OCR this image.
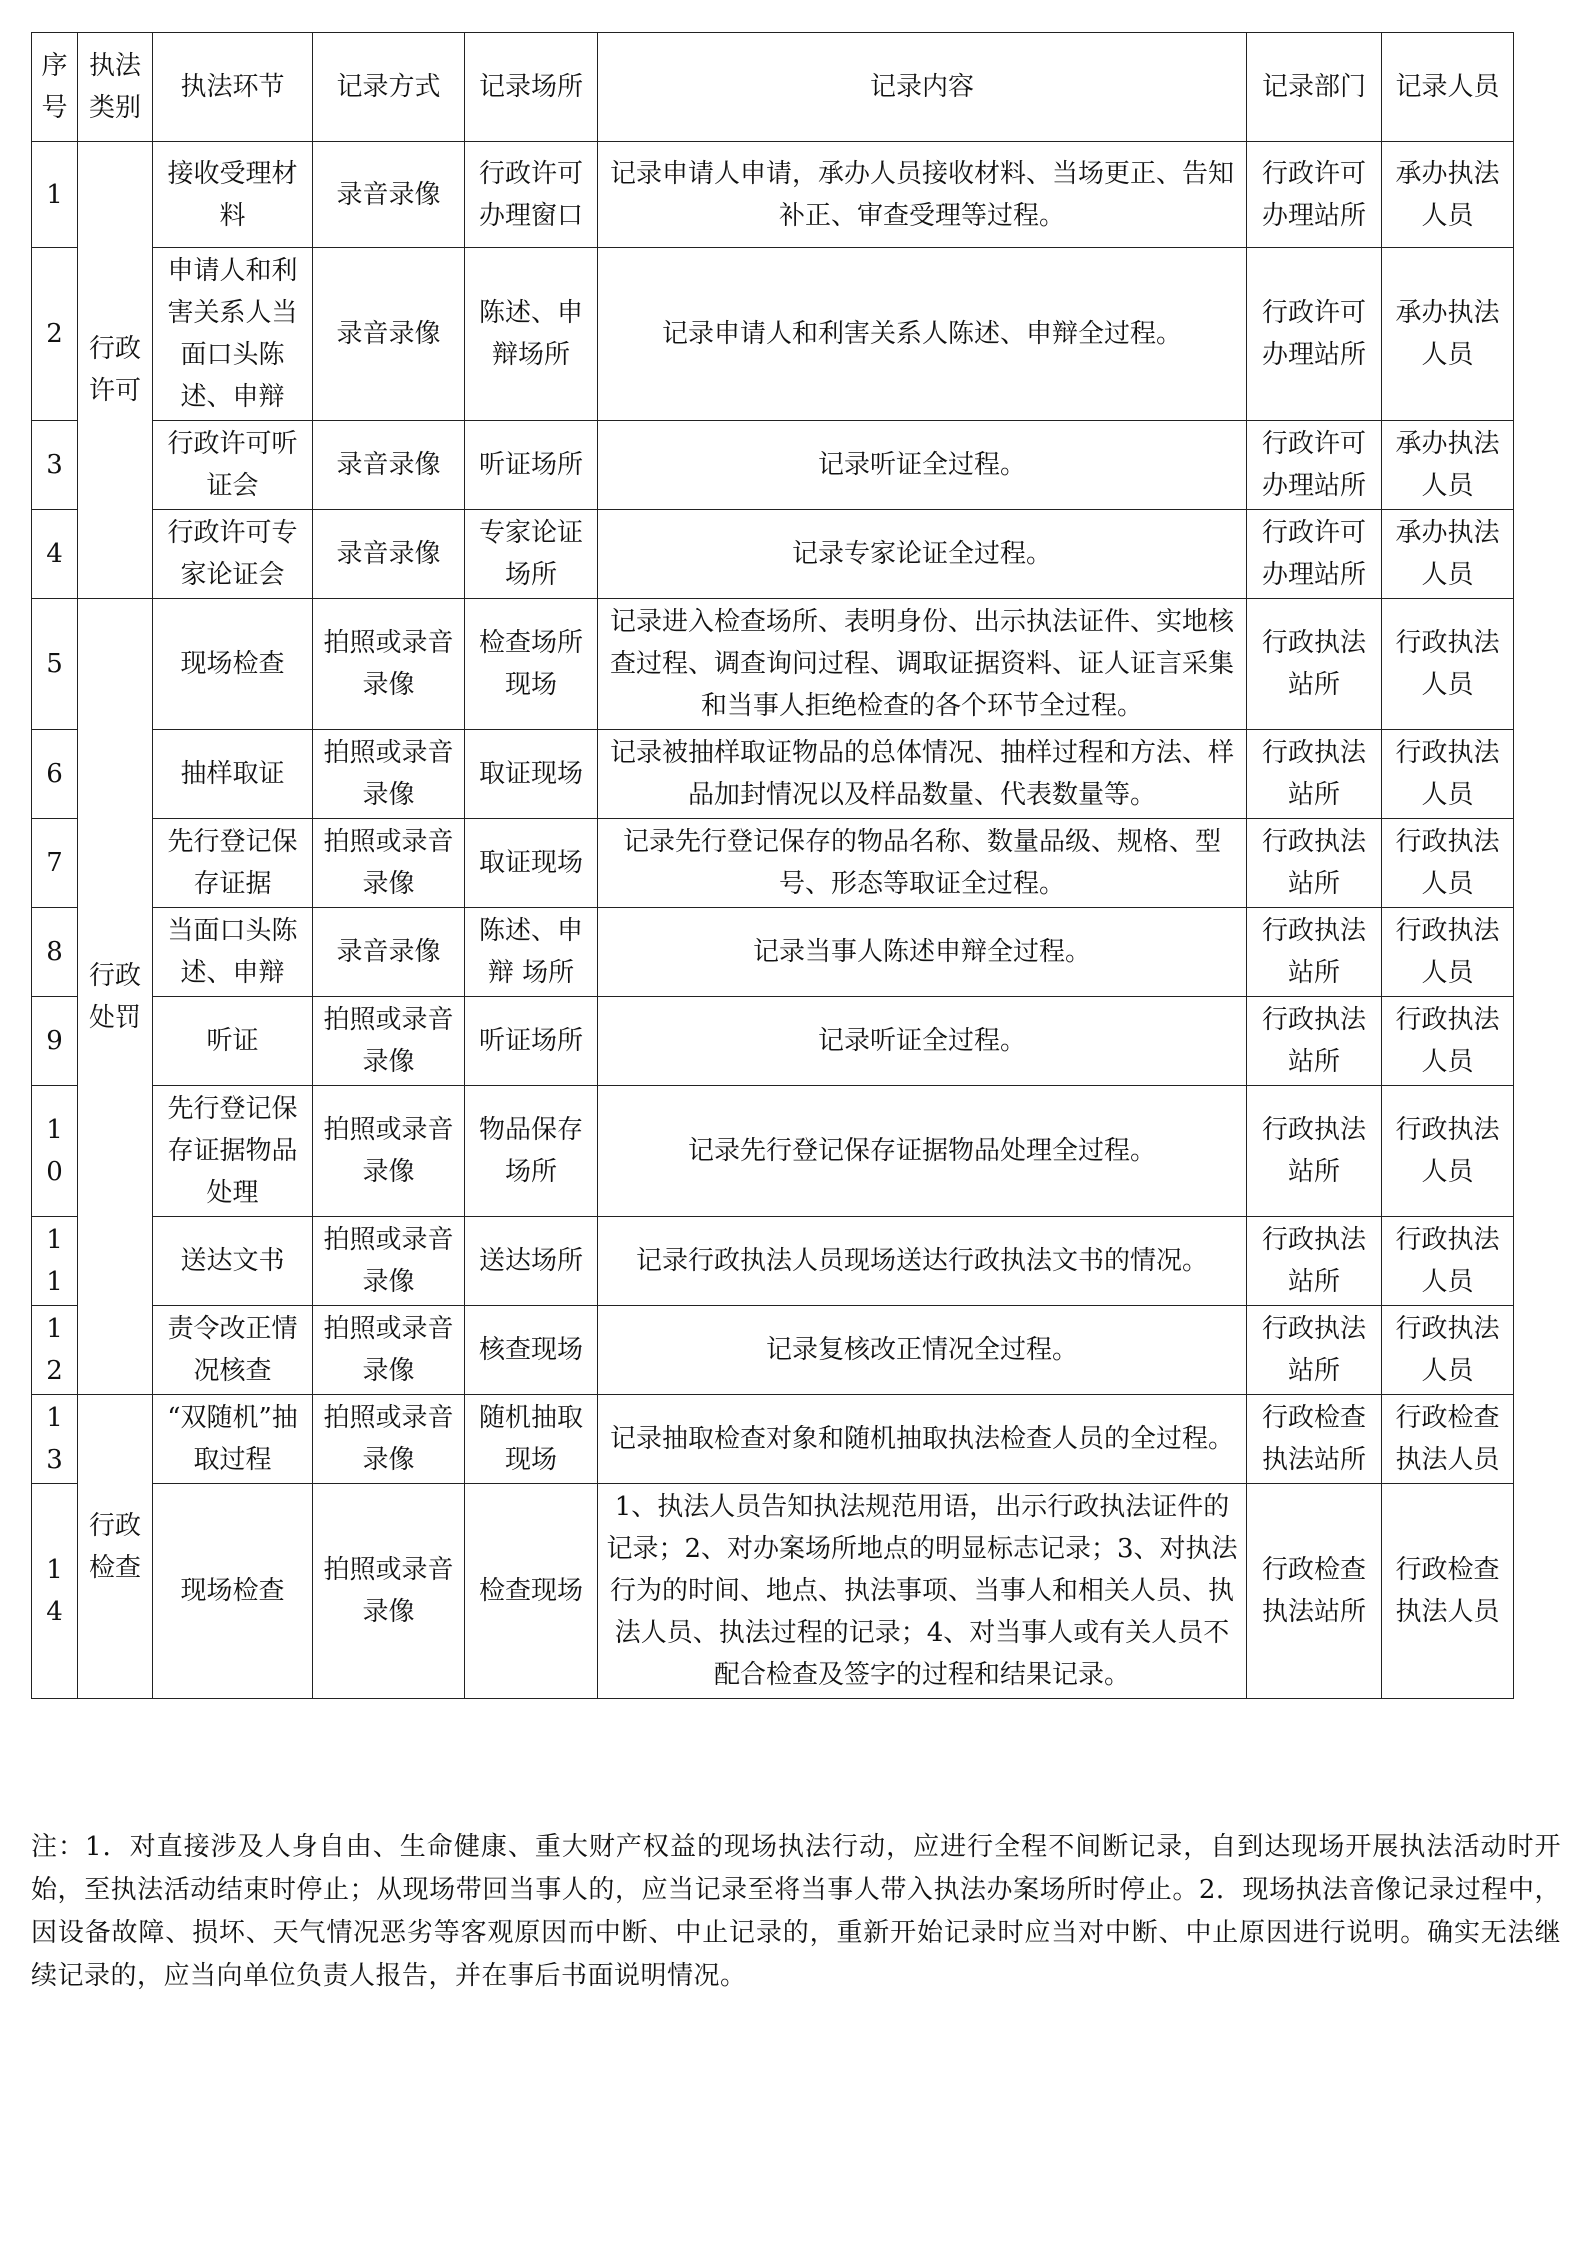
序号	执法类别	执法环节	记录方式	记录场所	记录内容	记录部门	记录人员
1	行政许可	接收受理材料	录音录像	行政许可办理窗口	记录申请人申请，承办人员接收材料、当场更正、告知补正、审查受理等过程。	行政许可办理站所	承办执法人员
2		申请人和利害关系人当面口头陈述、申辩	录音录像	陈述、申辩场所	记录申请人和利害关系人陈述、申辩全过程。	行政许可办理站所	承办执法人员
3		行政许可听证会	录音录像	听证场所	记录听证全过程。	行政许可办理站所	承办执法人员
4		行政许可专家论证会	录音录像	专家论证场所	记录专家论证全过程。	行政许可办理站所	承办执法人员
5	行政处罚	现场检查	拍照或录音录像	检查场所现场	记录进入检查场所、表明身份、出示执法证件、实地核查过程、调查询问过程、调取证据资料、证人证言采集和当事人拒绝检查的各个环节全过程。	行政执法站所	行政执法人员
6		抽样取证	拍照或录音录像	取证现场	记录被抽样取证物品的总体情况、抽样过程和方法、样品加封情况以及样品数量、代表数量等。	行政执法站所	行政执法人员
7		先行登记保存证据	拍照或录音录像	取证现场	记录先行登记保存的物品名称、数量品级、规格、型号、形态等取证全过程。	行政执法站所	行政执法人员
8		当面口头陈述、申辩	录音录像	陈述、申辩 场所	记录当事人陈述申辩全过程。	行政执法站所	行政执法人员
9		听证	拍照或录音录像	听证场所	记录听证全过程。	行政执法站所	行政执法人员
10		先行登记保存证据物品处理	拍照或录音录像	物品保存场所	记录先行登记保存证据物品处理全过程。	行政执法站所	行政执法人员
11		送达文书	拍照或录音录像	送达场所	记录行政执法人员现场送达行政执法文书的情况。	行政执法站所	行政执法人员
12		责令改正情况核查	拍照或录音录像	核查现场	记录复核改正情况全过程。	行政执法站所	行政执法人员
13	行政检查	“双随机”抽取过程	拍照或录音录像	随机抽取现场	记录抽取检查对象和随机抽取执法检查人员的全过程。	行政检查执法站所	行政检查执法人员
14		现场检查	拍照或录音录像	检查现场	1、执法人员告知执法规范用语，出示行政执法证件的记录；2、对办案场所地点的明显标志记录；3、对执法行为的时间、地点、执法事项、当事人和相关人员、执法人员、执法过程的记录；4、对当事人或有关人员不配合检查及签字的过程和结果记录。	行政检查执法站所	行政检查执法人员
注：1．对直接涉及人身自由、生命健康、重大财产权益的现场执法行动，应进行全程不间断记录，自到达现场开展执法活动时开始，至执法活动结束时停止；从现场带回当事人的，应当记录至将当事人带入执法办案场所时停止。2．现场执法音像记录过程中，因设备故障、损坏、天气情况恶劣等客观原因而中断、中止记录的，重新开始记录时应当对中断、中止原因进行说明。确实无法继续记录的，应当向单位负责人报告，并在事后书面说明情况。
